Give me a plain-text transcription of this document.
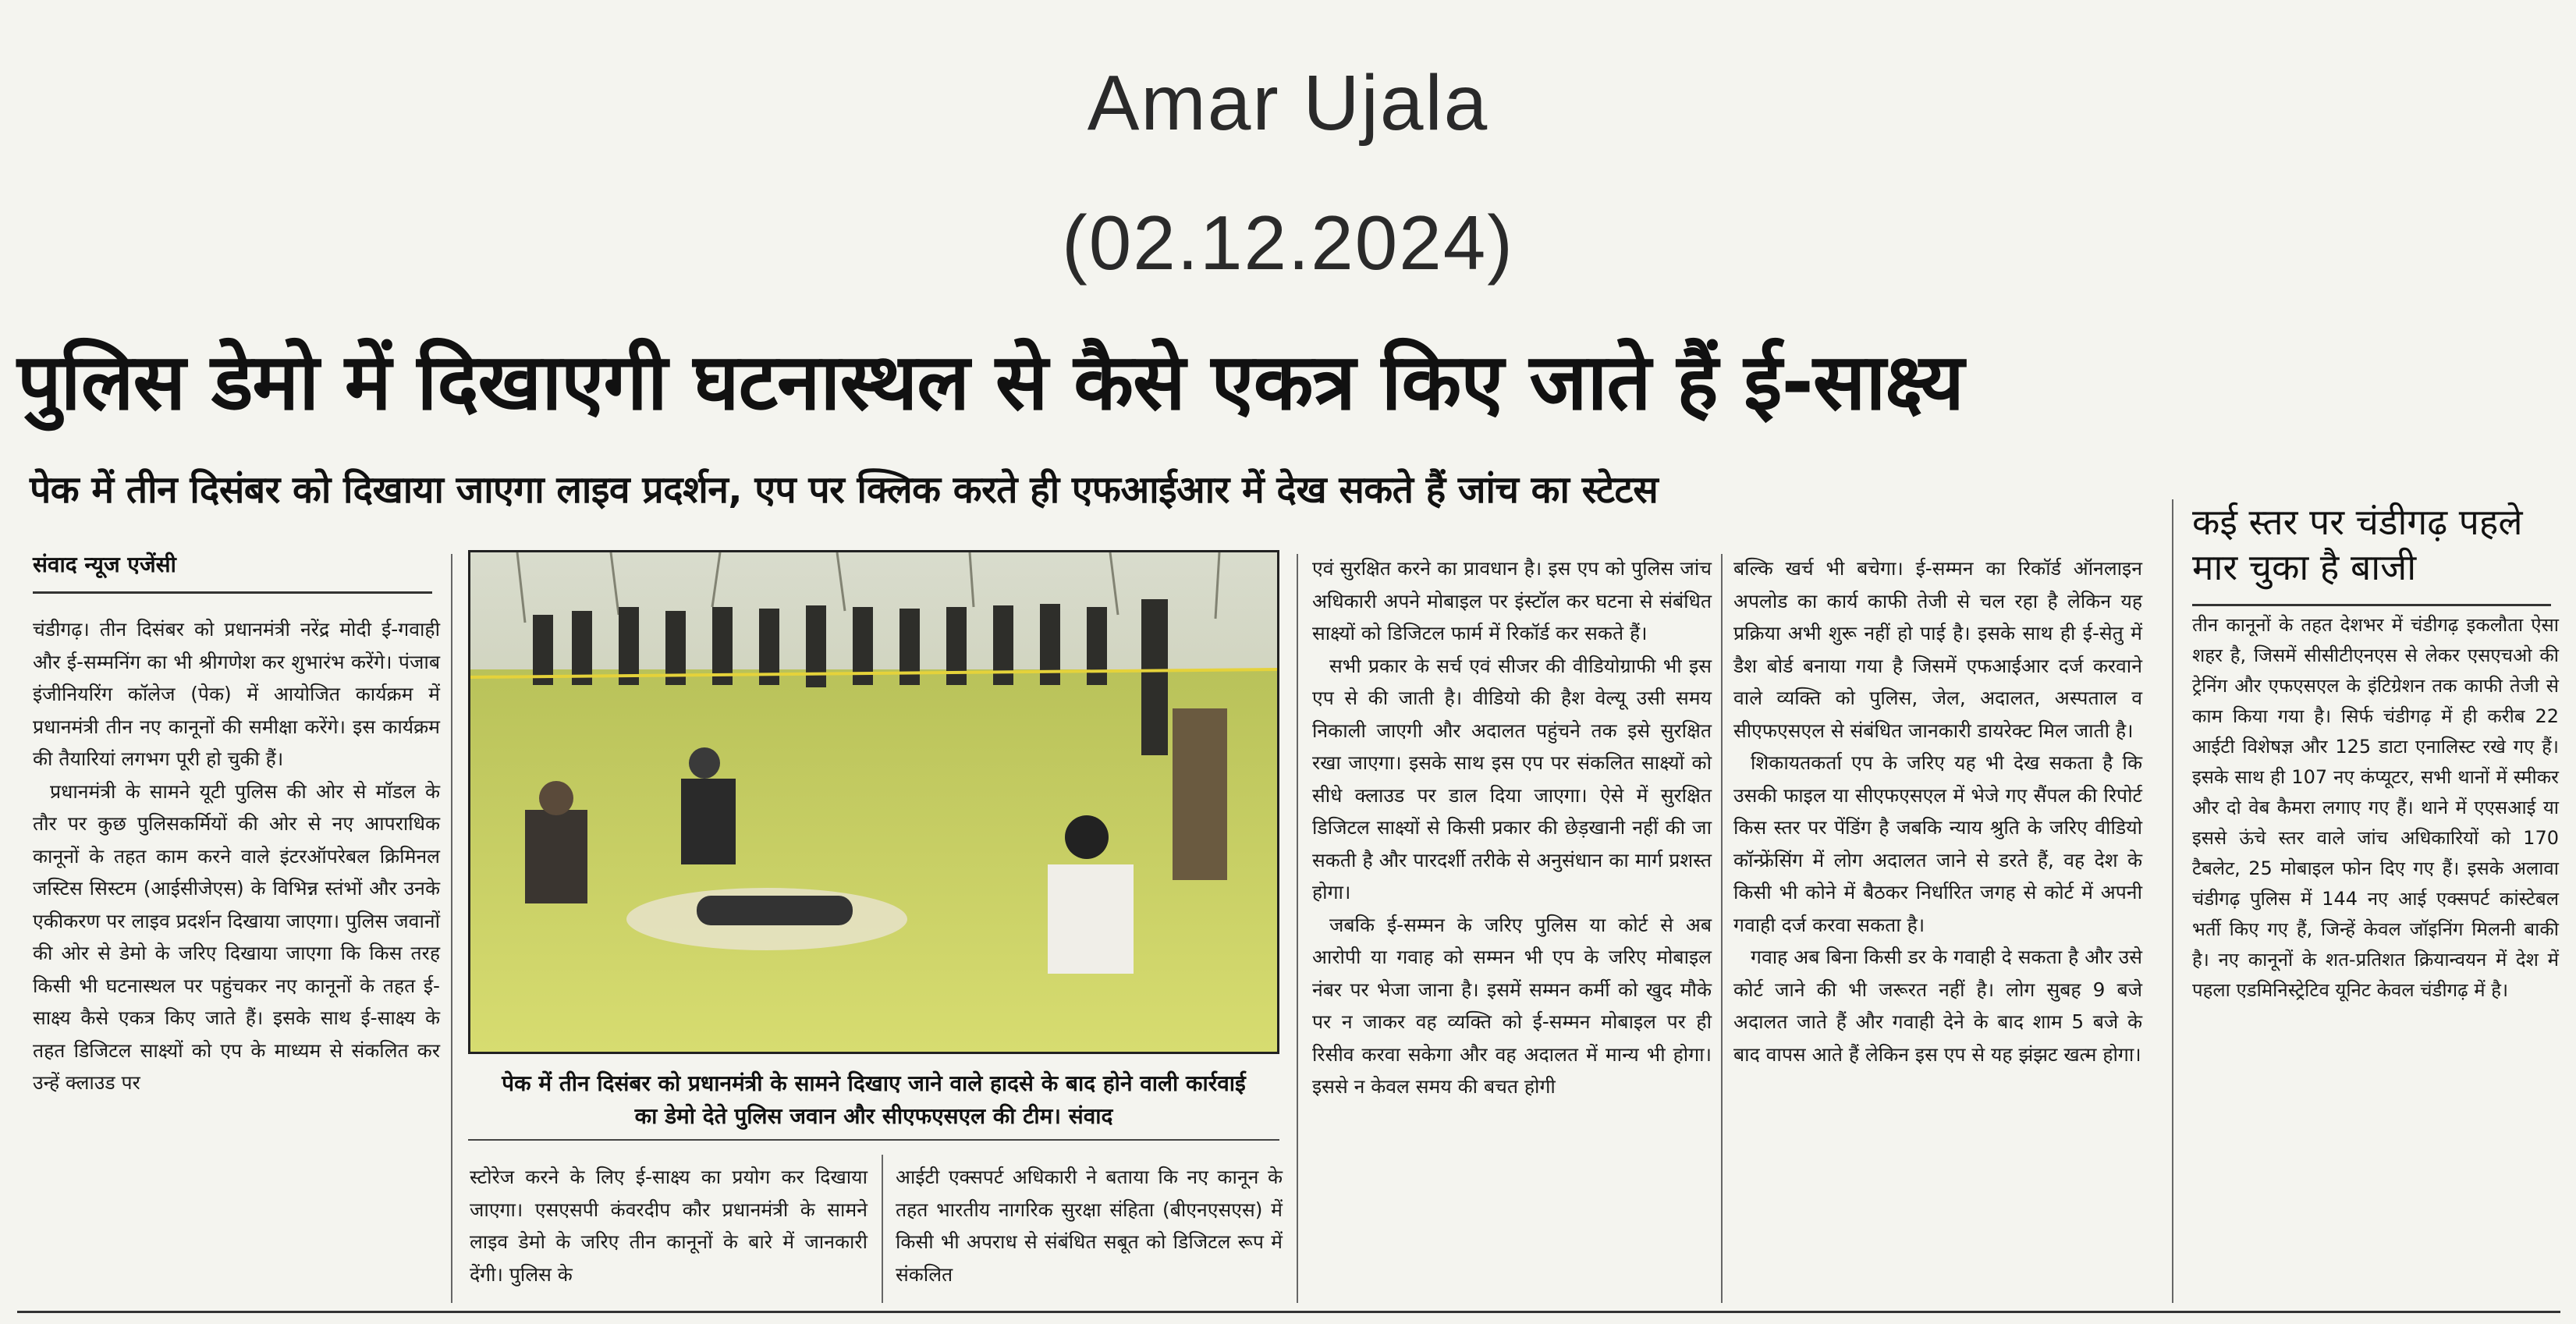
Amar Ujala
(02.12.2024)
पुलिस डेमो में दिखाएगी घटनास्थल से कैसे एकत्र किए जाते हैं ई-साक्ष्य
पेक में तीन दिसंबर को दिखाया जाएगा लाइव प्रदर्शन, एप पर क्लिक करते ही एफआईआर में देख सकते हैं जांच का स्टेटस
संवाद न्यूज एजेंसी

चंडीगढ़। तीन दिसंबर को प्रधानमंत्री नरेंद्र मोदी ई-गवाही और ई-सम्मनिंग का भी श्रीगणेश कर शुभारंभ करेंगे। पंजाब इंजीनियरिंग कॉलेज (पेक) में आयोजित कार्यक्रम में प्रधानमंत्री तीन नए कानूनों की समीक्षा करेंगे। इस कार्यक्रम की तैयारियां लगभग पूरी हो चुकी हैं।

प्रधानमंत्री के सामने यूटी पुलिस की ओर से मॉडल के तौर पर कुछ पुलिसकर्मियों की ओर से नए आपराधिक कानूनों के तहत काम करने वाले इंटरऑपरेबल क्रिमिनल जस्टिस सिस्टम (आईसीजेएस) के विभिन्न स्तंभों और उनके एकीकरण पर लाइव प्रदर्शन दिखाया जाएगा। पुलिस जवानों की ओर से डेमो के जरिए दिखाया जाएगा कि किस तरह किसी भी घटनास्थल पर पहुंचकर नए कानूनों के तहत ई-साक्ष्य कैसे एकत्र किए जाते हैं। इसके साथ ई-साक्ष्य के तहत डिजिटल साक्ष्यों को एप के माध्यम से संकलित कर उन्हें क्लाउड पर	पेक में तीन दिसंबर को प्रधानमंत्री के सामने दिखाए जाने वाले हादसे के बाद होने वाली कार्रवाई का डेमो देते पुलिस जवान और सीएफएसएल की टीम। संवाद

स्टोरेज करने के लिए ई-साक्ष्य का प्रयोग कर दिखाया जाएगा। एसएसपी कंवरदीप कौर प्रधानमंत्री के सामने लाइव डेमो के जरिए तीन कानूनों के बारे में जानकारी देंगी। पुलिस के

आईटी एक्सपर्ट अधिकारी ने बताया कि नए कानून के तहत भारतीय नागरिक सुरक्षा संहिता (बीएनएसएस) में किसी भी अपराध से संबंधित सबूत को डिजिटल रूप में संकलित

एवं सुरक्षित करने का प्रावधान है। इस एप को पुलिस जांच अधिकारी अपने मोबाइल पर इंस्टॉल कर घटना से संबंधित साक्ष्यों को डिजिटल फार्म में रिकॉर्ड कर सकते हैं।

सभी प्रकार के सर्च एवं सीजर की वीडियोग्राफी भी इस एप से की जाती है। वीडियो की हैश वेल्यू उसी समय निकाली जाएगी और अदालत पहुंचने तक इसे सुरक्षित रखा जाएगा। इसके साथ इस एप पर संकलित साक्ष्यों को सीधे क्लाउड पर डाल दिया जाएगा। ऐसे में सुरक्षित डिजिटल साक्ष्यों से किसी प्रकार की छेड़खानी नहीं की जा सकती है और पारदर्शी तरीके से अनुसंधान का मार्ग प्रशस्त होगा।

जबकि ई-सम्मन के जरिए पुलिस या कोर्ट से अब आरोपी या गवाह को सम्मन भी एप के जरिए मोबाइल नंबर पर भेजा जाना है। इसमें सम्मन कर्मी को खुद मौके पर न जाकर वह व्यक्ति को ई-सम्मन मोबाइल पर ही रिसीव करवा सकेगा और वह अदालत में मान्य भी होगा। इससे न केवल समय की बचत होगी

बल्कि खर्च भी बचेगा। ई-सम्मन का रिकॉर्ड ऑनलाइन अपलोड का कार्य काफी तेजी से चल रहा है लेकिन यह प्रक्रिया अभी शुरू नहीं हो पाई है। इसके साथ ही ई-सेतु में डैश बोर्ड बनाया गया है जिसमें एफआईआर दर्ज करवाने वाले व्यक्ति को पुलिस, जेल, अदालत, अस्पताल व सीएफएसएल से संबंधित जानकारी डायरेक्ट मिल जाती है।

शिकायतकर्ता एप के जरिए यह भी देख सकता है कि उसकी फाइल या सीएफएसएल में भेजे गए सैंपल की रिपोर्ट किस स्तर पर पेंडिंग है जबकि न्याय श्रुति के जरिए वीडियो कॉन्फ्रेंसिंग में लोग अदालत जाने से डरते हैं, वह देश के किसी भी कोने में बैठकर निर्धारित जगह से कोर्ट में अपनी गवाही दर्ज करवा सकता है।

गवाह अब बिना किसी डर के गवाही दे सकता है और उसे कोर्ट जाने की भी जरूरत नहीं है। लोग सुबह 9 बजे अदालत जाते हैं और गवाही देने के बाद शाम 5 बजे के बाद वापस आते हैं लेकिन इस एप से यह झंझट खत्म होगा।

कई स्तर पर चंडीगढ़ पहले मार चुका है बाजी

तीन कानूनों के तहत देशभर में चंडीगढ़ इकलौता ऐसा शहर है, जिसमें सीसीटीएनएस से लेकर एसएचओ की ट्रेनिंग और एफएसएल के इंटिग्रेशन तक काफी तेजी से काम किया गया है। सिर्फ चंडीगढ़ में ही करीब 22 आईटी विशेषज्ञ और 125 डाटा एनालिस्ट रखे गए हैं। इसके साथ ही 107 नए कंप्यूटर, सभी थानों में स्मीकर और दो वेब कैमरा लगाए गए हैं। थाने में एएसआई या इससे ऊंचे स्तर वाले जांच अधिकारियों को 170 टैबलेट, 25 मोबाइल फोन दिए गए हैं। इसके अलावा चंडीगढ़ पुलिस में 144 नए आई एक्सपर्ट कांस्टेबल भर्ती किए गए हैं, जिन्हें केवल जॉइनिंग मिलनी बाकी है। नए कानूनों के शत-प्रतिशत क्रियान्वयन में देश में पहला एडमिनिस्ट्रेटिव यूनिट केवल चंडीगढ़ में है।
